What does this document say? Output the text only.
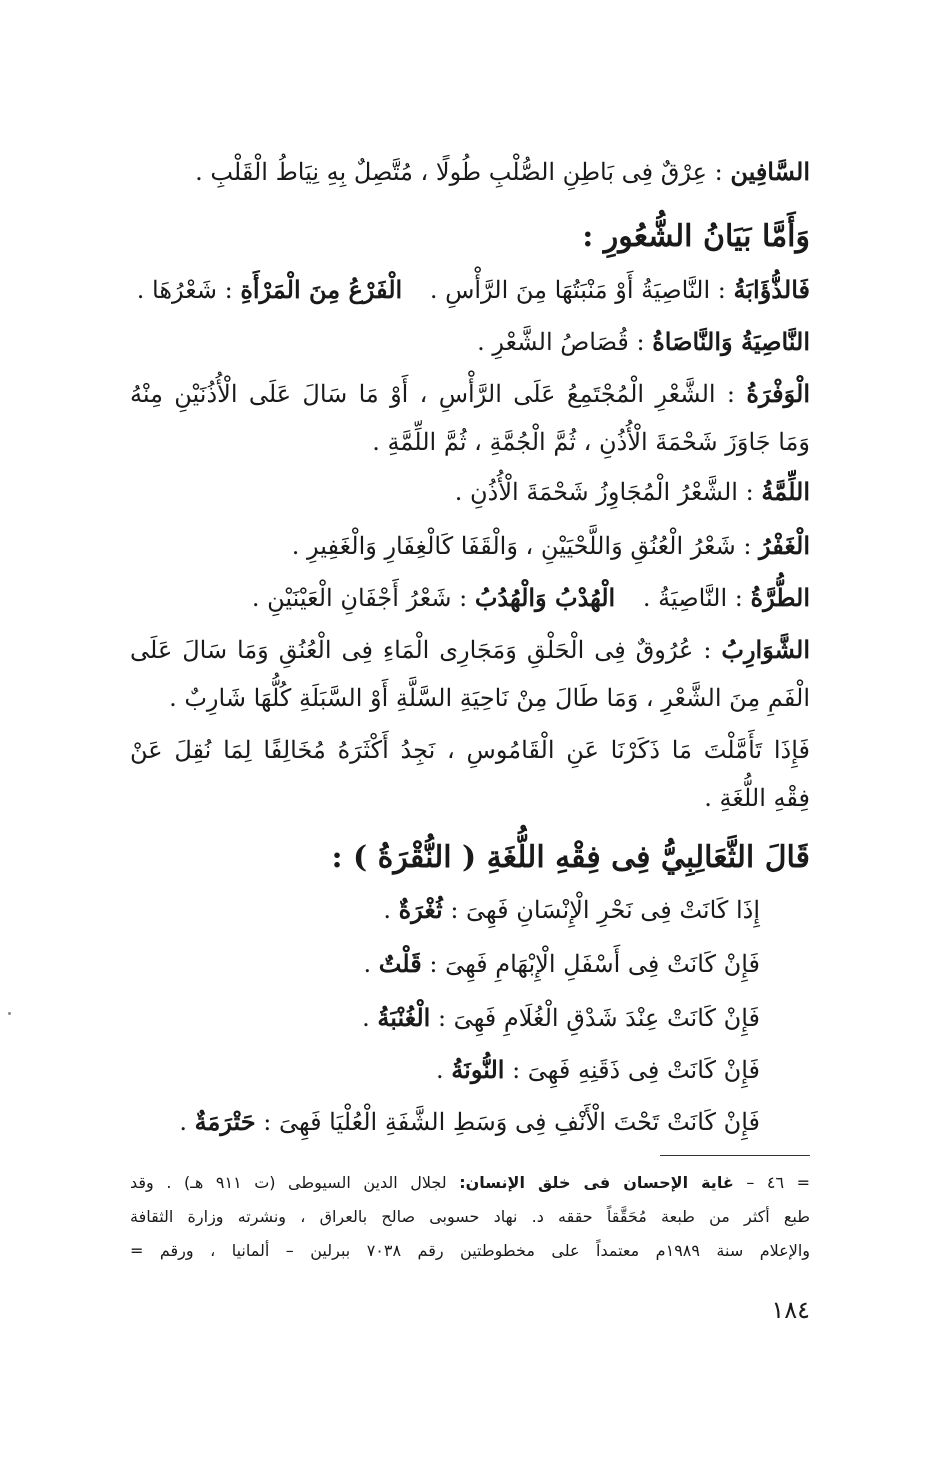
السَّافِين : عِرْقٌ فِى بَاطِنِ الصُّلْبِ طُولًا ، مُتَّصِلٌ بِهِ نِيَاطُ الْقَلْبِ .
وَأَمَّا بَيَانُ الشُّعُورِ :
فَالذُّؤَابَةُ : النَّاصِيَةُ أَوْ مَنْبَتُهَا مِنَ الرَّأْسِ . الْفَرْعُ مِنَ الْمَرْأَةِ : شَعْرُهَا .
النَّاصِيَةُ وَالنَّاصَاةُ : قُصَاصُ الشَّعْرِ .
الْوَفْرَةُ : الشَّعْرِ الْمُجْتَمِعُ عَلَى الرَّأْسِ ، أَوْ مَا سَالَ عَلَى الْأُذُنَيْنِ مِنْهُ
وَمَا جَاوَزَ شَحْمَةَ الْأُذُنِ ، ثُمَّ الْجُمَّةِ ، ثُمَّ اللِّمَّةِ .
اللِّمَّةُ : الشَّعْرُ الْمُجَاوِزُ شَحْمَةَ الْأُذُنِ .
الْغَفْرُ : شَعْرُ الْعُنُقِ وَاللَّحْيَيْنِ ، وَالْقَفَا كَالْغِفَارِ وَالْغَفِيرِ .
الطُّرَّةُ : النَّاصِيَةُ . الْهُدْبُ وَالْهُدُبُ : شَعْرُ أَجْفَانِ الْعَيْنَيْنِ .
الشَّوَارِبُ : عُرُوقٌ فِى الْحَلْقِ وَمَجَارِى الْمَاءِ فِى الْعُنُقِ وَمَا سَالَ عَلَى
الْفَمِ مِنَ الشَّعْرِ ، وَمَا طَالَ مِنْ نَاحِيَةِ السَّلَّةِ أَوْ السَّبَلَةِ كُلُّهَا شَارِبٌ .
فَإِذَا تَأَمَّلْتَ مَا ذَكَرْنَا عَنِ الْقَامُوسِ ، نَجِدُ أَكْثَرَهُ مُخَالِفًا لِمَا نُقِلَ عَنْ
فِقْهِ اللُّغَةِ .
قَالَ الثَّعَالِبِيُّ فِى فِقْهِ اللُّغَةِ ( النُّقْرَةُ ) :
إِذَا كَانَتْ فِى نَحْرِ الْإِنْسَانِ فَهِىَ : ثُغْرَةٌ .
فَإِنْ كَانَتْ فِى أَسْفَلِ الْإِبْهَامِ فَهِىَ : قَلْتٌ .
فَإِنْ كَانَتْ عِنْدَ شَدْقِ الْغُلَامِ فَهِىَ : الْغُنْبَةُ .
فَإِنْ كَانَتْ فِى ذَقَنِهِ فَهِىَ : النُّونَةُ .
فَإِنْ كَانَتْ تَحْتَ الْأَنْفِ فِى وَسَطِ الشَّفَةِ الْعُلْيَا فَهِىَ : حَتْرَمَةٌ .
= ٤٦ – غاية الإحسان فى خلق الإنسان: لجلال الدين السيوطى (ت ٩١١ هـ) . وقد
طبع أكثر من طبعة مُحَقَّقاً حققه د. نهاد حسوبى صالح بالعراق ، ونشرته وزارة الثقافة
والإعلام سنة ١٩٨٩م معتمداً على مخطوطتين رقم ٧٠٣٨ ببرلين – ألمانيا ، ورقم =
١٨٤
